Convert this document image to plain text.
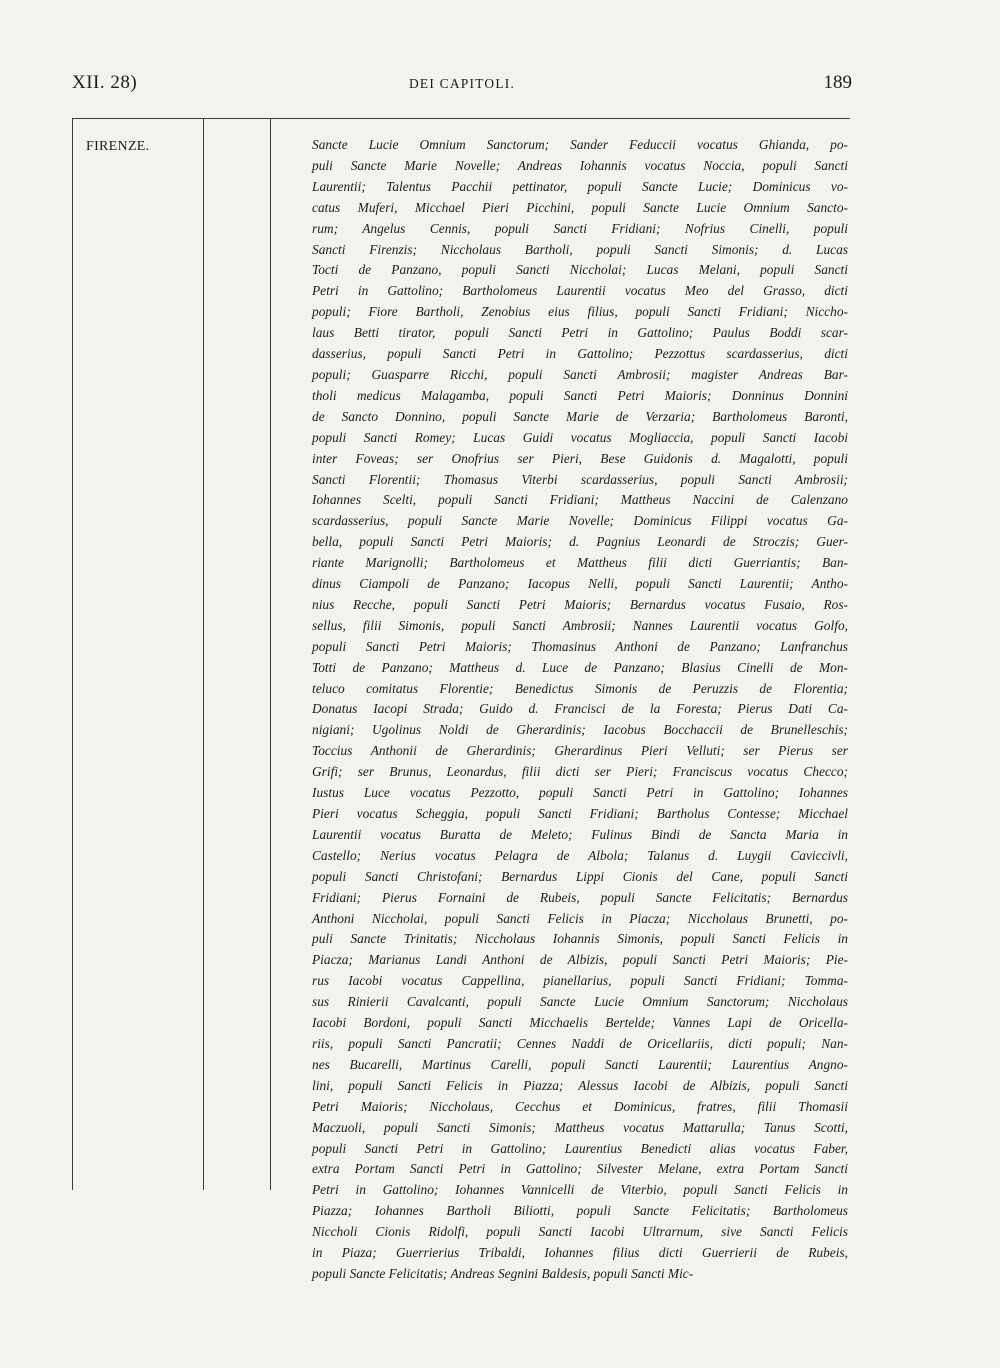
XII. 28)	DEI CAPITOLI.	189
FIRENZE.	Sancte Lucie Omnium Sanctorum; Sander Feduccii vocatus Ghianda, po-
puli Sancte Marie Novelle; Andreas Iohannis vocatus Noccia, populi Sancti
Laurentii; Talentus Pacchii pettinator, populi Sancte Lucie; Dominicus vo-
catus Muferi, Micchael Pieri Picchini, populi Sancte Lucie Omnium Sancto-
rum; Angelus Cennis, populi Sancti Fridiani; Nofrius Cinelli, populi
Sancti Firenzis; Nicchola​us Bartholi, populi Sancti Simonis; d. Lucas
Tocti de Panzano, populi Sancti Niccholai; Lucas Melani, populi Sancti
Petri in Gattolino; Bartholomeus Laurentii vocatus Meo del Grasso, dicti
populi; Fiore Bartholi, Zenobius eius filius, populi Sancti Fridiani; Niccho-
laus Betti tirator, populi Sancti Petri in Gattolino; Paulus Boddi scar-
dasserius, populi Sancti Petri in Gattolino; Pezzottus scardasserius, dicti
populi; Guasparre Ricchi, populi Sancti Ambrosii; magister Andreas Bar-
tholi medicus Malagamba, populi Sancti Petri Maioris; Donninus Donnini
de Sancto Donnino, populi Sancte Marie de Verzaria; Bartholomeus Baronti,
populi Sancti Romey; Lucas Guidi vocatus Mogliaccia, populi Sancti Iacobi
inter Foveas; ser Onofrius ser Pieri, Bese Guidonis d. Magalotti, populi
Sancti Florentii; Thomasus Viterbi scardasserius, populi Sancti Ambrosii;
Iohannes Scelti, populi Sancti Fridiani; Mattheus Naccini de Calenzano
scardasserius, populi Sancte Marie Novelle; Dominicus Filippi vocatus Ga-
bella, populi Sancti Petri Maioris; d. Pagnius Leonardi de Stroczis; Guer-
riante Marignolli; Bartholomeus et Mattheus filii dicti Guerriantis; Ban-
dinus Ciampoli de Panzano; Iacopus Nelli, populi Sancti Laurentii; Antho-
nius Recche, populi Sancti Petri Maioris; Bernardus vocatus Fusaio, Ros-
sellus, filii Simonis, populi Sancti Ambrosii; Nannes Laurentii vocatus Golfo,
populi Sancti Petri Maioris; Thomasinus Anthoni de Panzano; Lanfranchus
Totti de Panzano; Mattheus d. Luce de Panzano; Blasius Cinelli de Mon-
teluco comitatus Florentie; Benedictus Simonis de Peruzzis de Florentia;
Donatus Iacopi Strada; Guido d. Francisci de la Foresta; Pierus Dati Ca-
nigiani; Ugolinus Noldi de Gherardinis; Iacobus Bocchaccii de Brunelleschis;
Toccius Anthonii de Gherardinis; Gherardinus Pieri Velluti; ser Pierus ser
Grifi; ser Brunus, Leonardus, filii dicti ser Pieri; Franciscus vocatus Checco;
Iustus Luce vocatus Pezzotto, populi Sancti Petri in Gattolino; Iohannes
Pieri vocatus Scheggia, populi Sancti Fridiani; Bartholus Contesse; Micchael
Laurentii vocatus Buratta de Meleto; Fulinus Bindi de Sancta Maria in
Castello; Nerius vocatus Pelagra de Albola; Talanus d. Luygii Caviccivli,
populi Sancti Christofani; Bernardus Lippi Cionis del Cane, populi Sancti
Fridiani; Pierus Fornaini de Rubeis, populi Sancte Felicitatis; Bernardus
Anthoni Niccholai, populi Sancti Felicis in Piacza; Niccholaus Brunetti, po-
puli Sancte Trinitatis; Niccholaus Iohannis Simonis, populi Sancti Felicis in
Piacza; Marianus Landi Anthoni de Albizis, populi Sancti Petri Maioris; Pie-
rus Iacobi vocatus Cappellina, pianellarius, populi Sancti Fridiani; Tomma-
sus Rinierii Cavalcanti, populi Sancte Lucie Omnium Sanctorum; Niccholaus
Iacobi Bordoni, populi Sancti Micchaelis Bertelde; Vannes Lapi de Oricella-
riis, populi Sancti Pancratii; Cennes Naddi de Oricellariis, dicti populi; Nan-
nes Bucarelli, Martinus Carelli, populi Sancti Laurentii; Laurentius Angno-
lini, populi Sancti Felicis in Piazza; Alessus Iacobi de Albizis, populi Sancti
Petri Maioris; Niccholaus, Cecchus et Dominicus, fratres, filii Thomasii
Maczuoli, populi Sancti Simonis; Mattheus vocatus Mattarulla; Tanus Scotti,
populi Sancti Petri in Gattolino; Laurentius Benedicti alias vocatus Faber,
extra Portam Sancti Petri in Gattolino; Silvester Melane, extra Portam Sancti
Petri in Gattolino; Iohannes Vannicelli de Viterbio, populi Sancti Felicis in
Piazza; Iohannes Bartholi Biliotti, populi Sancte Felicitatis; Bartholomeus
Niccholi Cionis Ridolfi, populi Sancti Iacobi Ultrarnum, sive Sancti Felicis
in Piaza; Guerrierius Tribaldi, Iohannes filius dicti Guerrierii de Rubeis,
populi Sancte Felicitatis; Andreas Segnini Baldesis, populi Sancti Mic-
